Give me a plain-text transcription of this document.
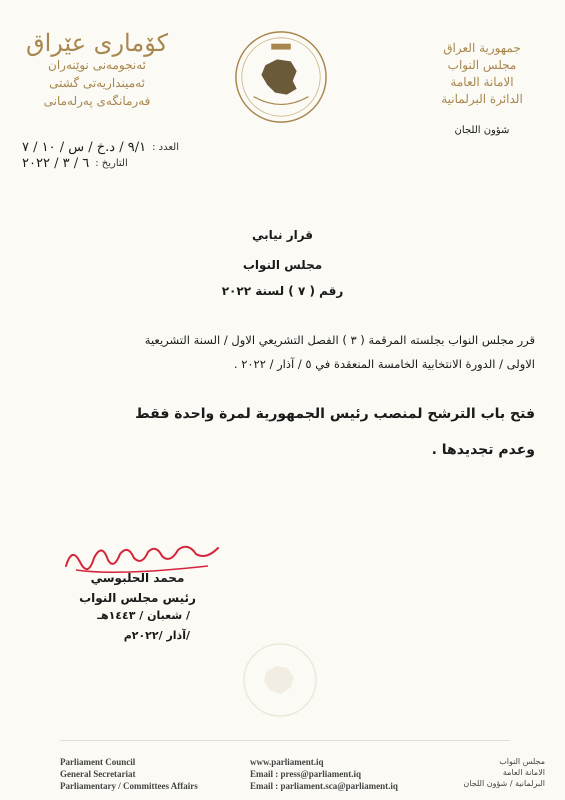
كۆماری عێراق
ئەنجومەنی نوێنەران
ئەمینداریەتی گشتی
فەرمانگەی پەرلەمانی
جمهورية العراق
مجلس النواب
الامانة العامة
الدائرة البرلمانية
شؤون اللجان
العدد :
٩/١ / د.خ / س / ١٠ / ٧
التاريخ :
٦ / ٣ / ٢٠٢٢
قرار نيابي
مجلس النواب
رقم ( ٧ ) لسنة ٢٠٢٢
قرر مجلس النواب بجلسته المرقمة ( ٣ ) الفصل التشريعي الاول / السنة التشريعية
الاولى / الدورة الانتخابية الخامسة المنعقدة في ٥ / آذار / ٢٠٢٢ .
فتح باب الترشح لمنصب رئيس الجمهورية لمرة واحدة فقط
وعدم تجديدها .
محمد الحلبوسي
رئيس مجلس النواب
/ شعبان / ١٤٤٣هـ
/آذار /٢٠٢٢م
Parliament Council
General Secretariat
Parliamentary / Committees Affairs
www.parliament.iq
Email : press@parliament.iq
Email : parliament.sca@parliament.iq
مجلس النواب
الامانة العامة
البرلمانية / شؤون اللجان
